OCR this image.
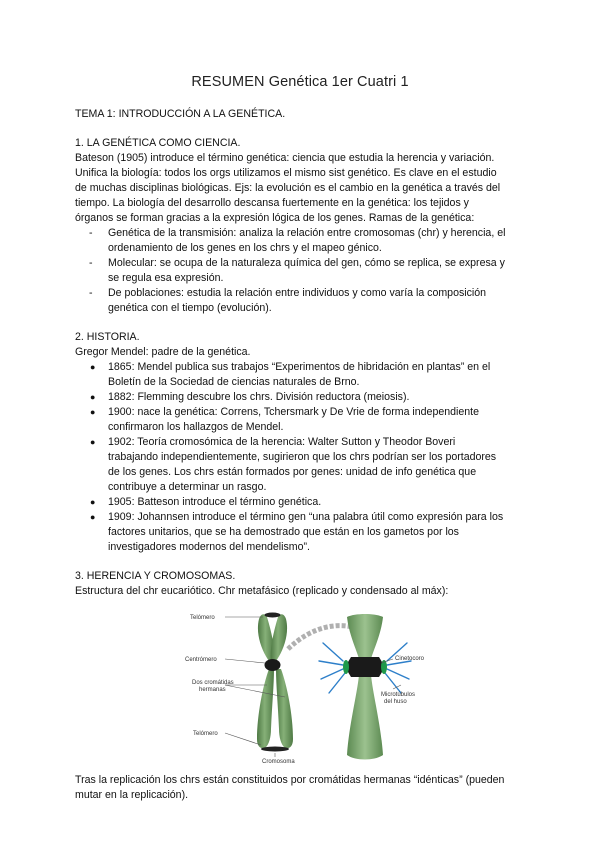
RESUMEN Genética 1er Cuatri 1
TEMA 1: INTRODUCCIÓN A LA GENÉTICA.
1. LA GENÉTICA COMO CIENCIA.
Bateson (1905) introduce el término genética: ciencia que estudia la herencia y variación.
Unifica la biología: todos los orgs utilizamos el mismo sist genético. Es clave en el estudio
de muchas disciplinas biológicas. Ejs: la evolución es el cambio en la genética a través del
tiempo. La biología del desarrollo descansa fuertemente en la genética: los tejidos y
órganos se forman gracias a la expresión lógica de los genes. Ramas de la genética:
-	Genética de la transmisión: analiza la relación entre cromosomas (chr) y herencia, el
ordenamiento de los genes en los chrs y el mapeo génico.
-	Molecular: se ocupa de la naturaleza química del gen, cómo se replica, se expresa y
se regula esa expresión.
-	De poblaciones: estudia la relación entre individuos y como varía la composición
genética con el tiempo (evolución).
2. HISTORIA.
Gregor Mendel: padre de la genética.
●	1865: Mendel publica sus trabajos “Experimentos de hibridación en plantas” en el
Boletín de la Sociedad de ciencias naturales de Brno.
●	1882: Flemming descubre los chrs. División reductora (meiosis).
●	1900: nace la genética: Correns, Tchersmark y De Vrie de forma independiente
confirmaron los hallazgos de Mendel.
●	1902: Teoría cromosómica de la herencia: Walter Sutton y Theodor Boveri
trabajando independientemente, sugirieron que los chrs podrían ser los portadores
de los genes. Los chrs están formados por genes: unidad de info genética que
contribuye a determinar un rasgo.
●	1905: Batteson introduce el término genética.
●	1909: Johannsen introduce el término gen “una palabra útil como expresión para los
factores unitarios, que se ha demostrado que están en los gametos por los
investigadores modernos del mendelismo”.
3. HERENCIA Y CROMOSOMAS.
Estructura del chr eucariótico. Chr metafásico (replicado y condensado al máx):
Telómero
Centrómero
Dos cromátidas
hermanas
Telómero
Cromosoma
Cinetocoro
Microtúbulos
del huso
Tras la replicación los chrs están constituidos por cromátidas hermanas “idénticas” (pueden
mutar en la replicación).
